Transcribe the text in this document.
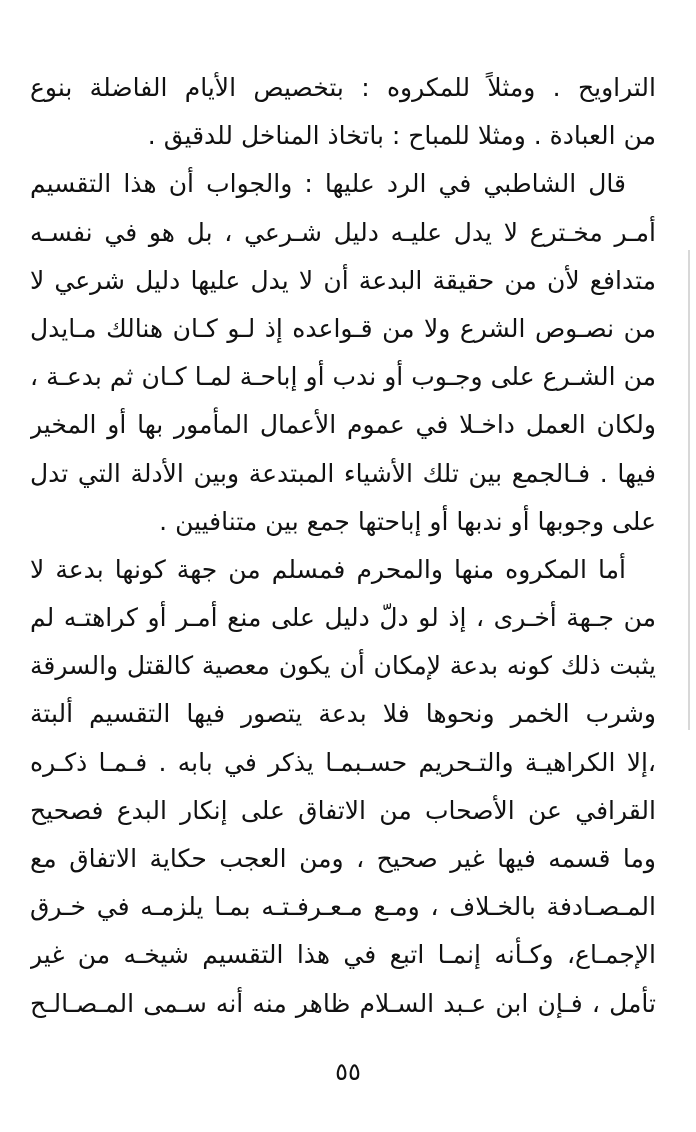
التراويح . ومثلاً للمكروه : بتخصيص الأيام الفاضلة بنوع
من العبادة . ومثلا للمباح : باتخاذ المناخل للدقيق .
قال الشاطبي في الرد عليها : والجواب أن هذا التقسيم
أمـر مخـترع لا يدل عليـه دليل شـرعي ، بل هو في نفسـه
متدافع لأن من حقيقة البدعة أن لا يدل عليها دليل شرعي لا
من نصـوص الشرع ولا من قـواعده إذ لـو كـان هنالك مـايدل
من الشـرع على وجـوب أو ندب أو إباحـة لمـا كـان ثم بدعـة ،
ولكان العمل داخـلا في عموم الأعمال المأمور بها أو المخير
فيها . فـالجمع بين تلك الأشياء المبتدعة وبين الأدلة التي تدل
على وجوبها أو ندبها أو إباحتها جمع بين متنافيين .
أما المكروه منها والمحرم فمسلم من جهة كونها بدعة لا
من جـهة أخـرى ، إذ لو دلّ دليل على منع أمـر أو كراهتـه لم
يثبت ذلك كونه بدعة لإمكان أن يكون معصية كالقتل والسرقة
وشرب الخمر ونحوها فلا بدعة يتصور فيها التقسيم ألبتة
،إلا الكراهيـة والتـحريم حسـبمـا يذكر في بابه . فـمـا ذكـره
القرافي عن الأصحاب من الاتفاق على إنكار البدع فصحيح
وما قسمه فيها غير صحيح ، ومن العجب حكاية الاتفاق مع
المـصـادفة بالخـلاف ، ومـع مـعـرفـتـه بمـا يلزمـه في خـرق
الإجمـاع، وكـأنه إنمـا اتبع في هذا التقسيم شيخـه من غير
تأمل ، فـإن ابن عـبد السـلام ظاهر منه أنه سـمى المـصـالـح
٥٥
